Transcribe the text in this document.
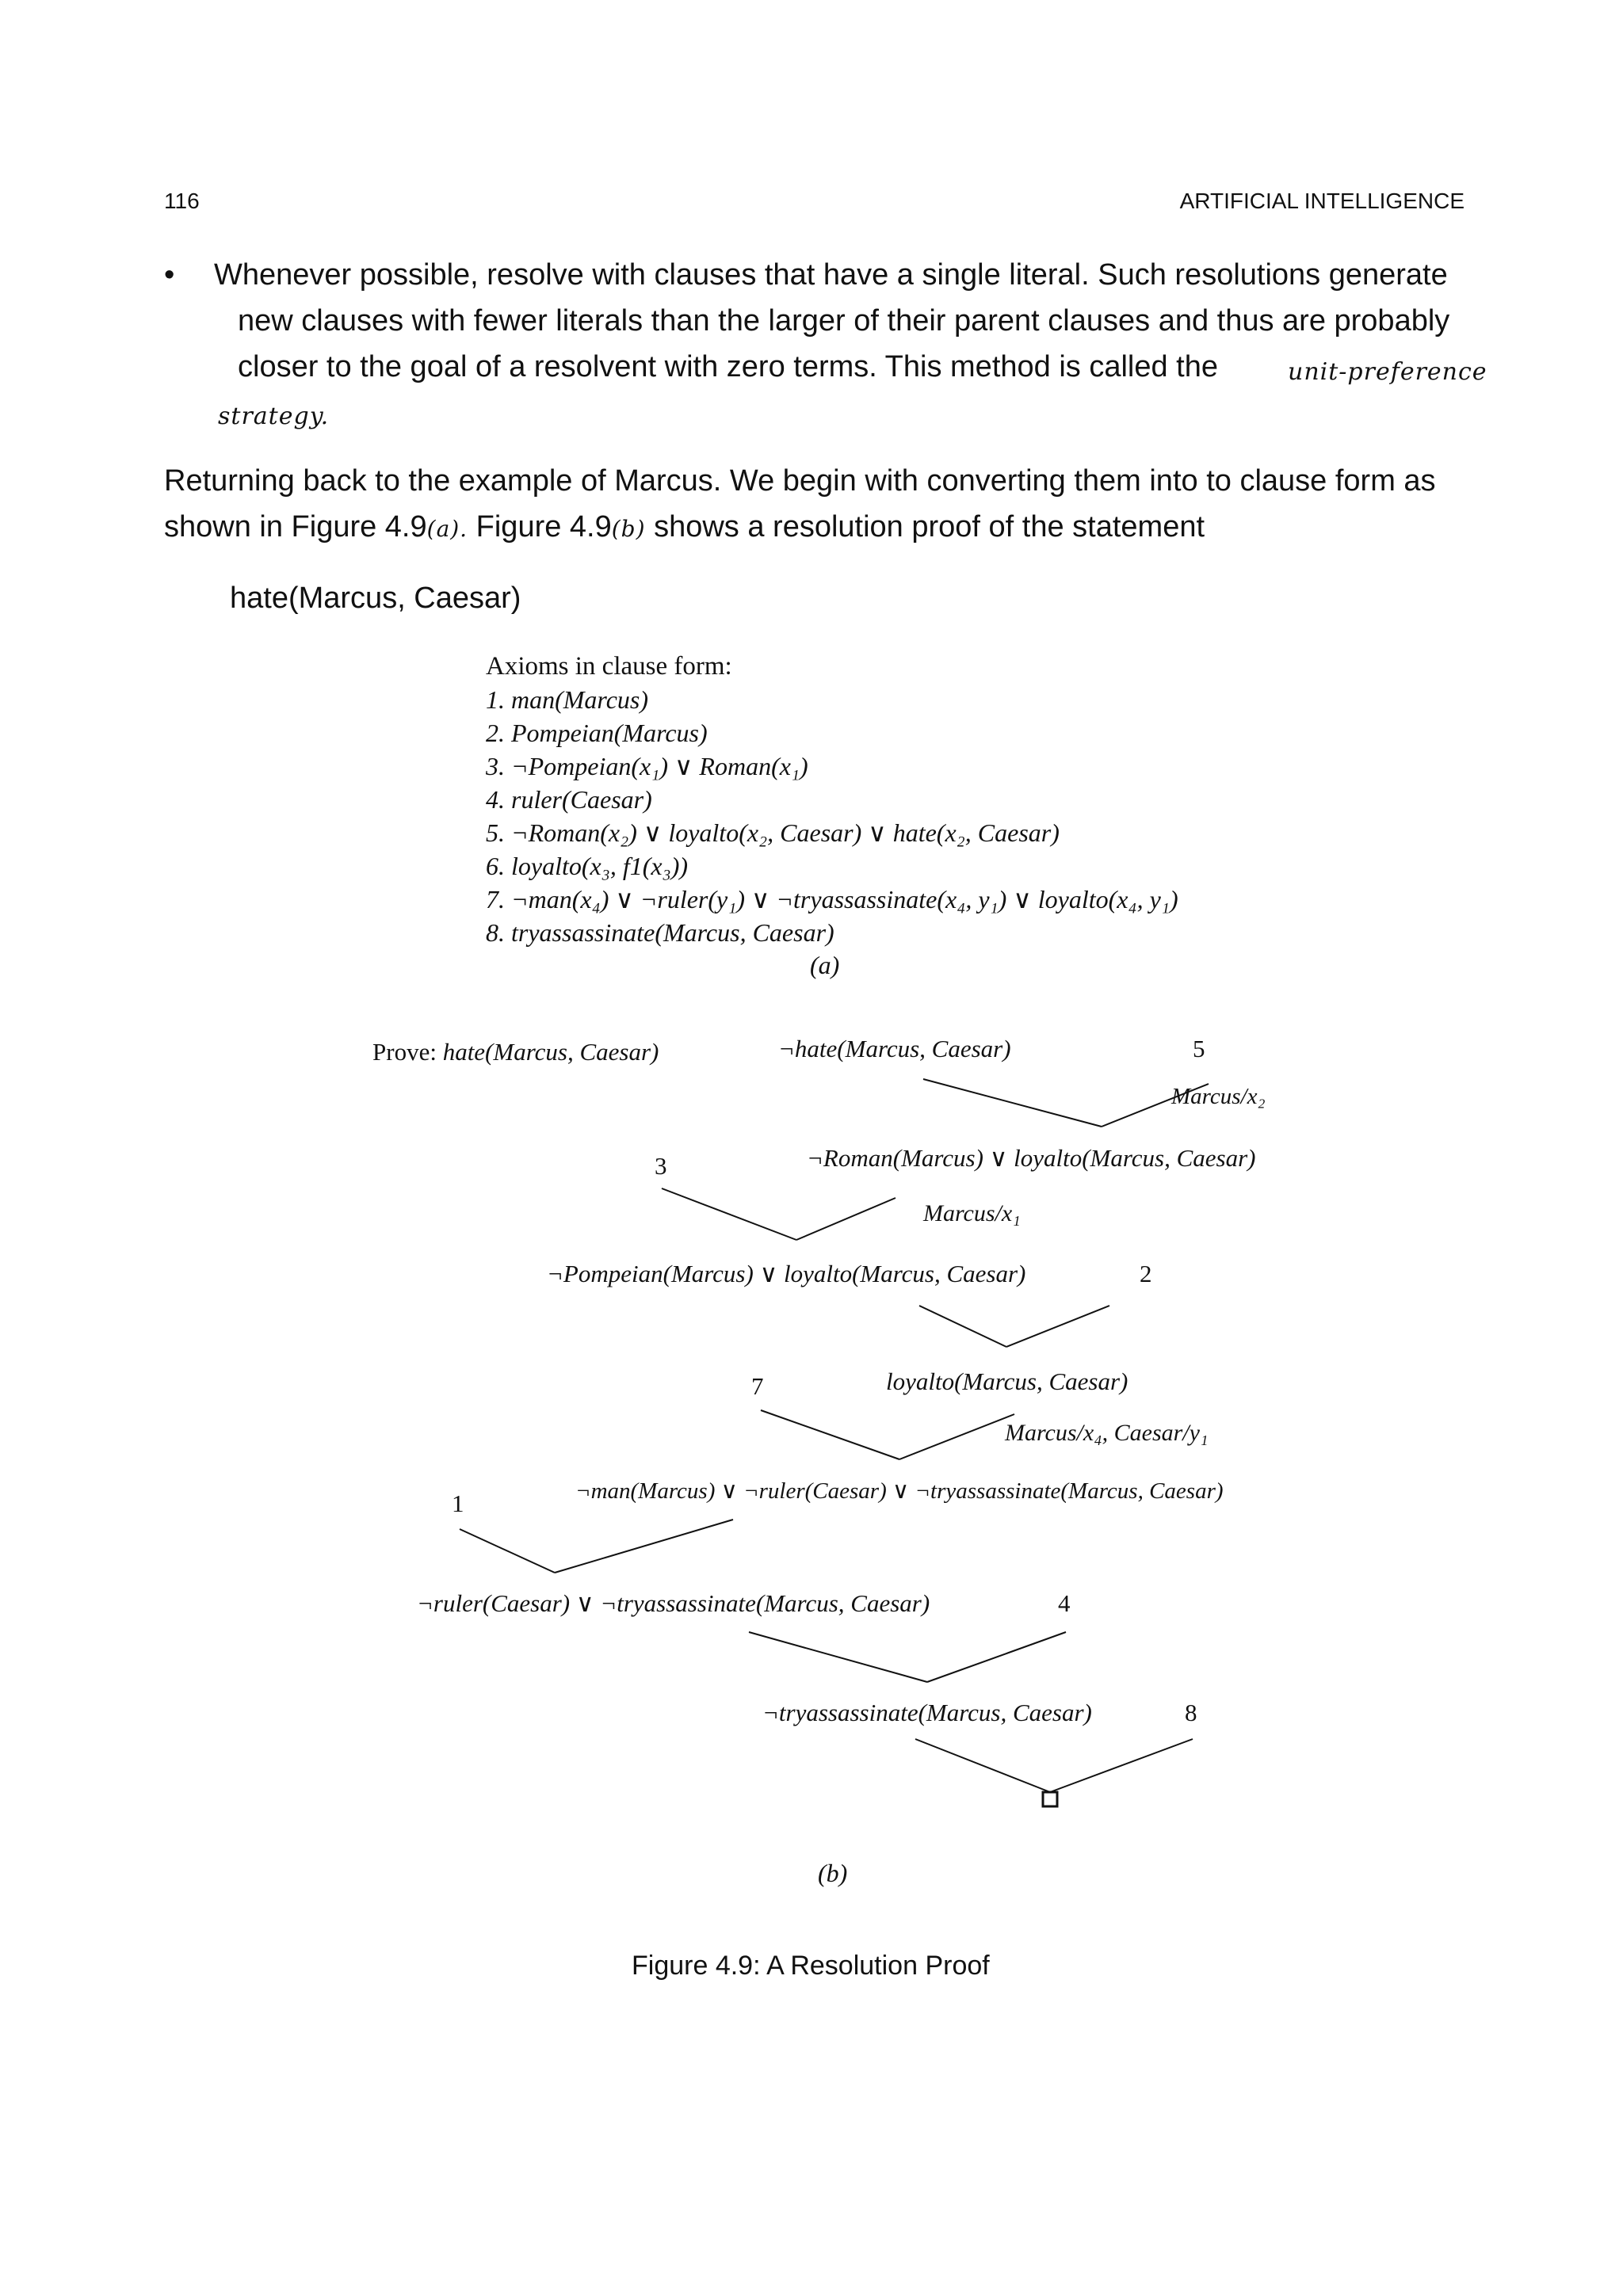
116	ARTIFICIAL INTELLIGENCE
• Whenever possible, resolve with clauses that have a single literal. Such resolutions generate
new clauses with fewer literals than the larger of their parent clauses and thus are probably
closer to the goal of a resolvent with zero terms. This method is called the	unit-preference
strategy.
Returning back to the example of Marcus. We begin with converting them into to clause form as
shown in Figure 4.9(a). Figure 4.9(b) shows a resolution proof of the statement
hate(Marcus, Caesar)
Axioms in clause form:
1. man(Marcus)
2. Pompeian(Marcus)
3. ¬Pompeian(x₁) ∨ Roman(x₁)
4. ruler(Caesar)
5. ¬Roman(x₂) ∨ loyalto(x₂, Caesar) ∨ hate(x₂, Caesar)
6. loyalto(x₃, f1(x₃))
7. ¬man(x₄) ∨ ¬ruler(y₁) ∨ ¬tryassassinate(x₄, y₁) ∨ loyalto(x₄, y₁)
8. tryassassinate(Marcus, Caesar)
(a)
Prove: hate(Marcus, Caesar)	¬hate(Marcus, Caesar)	5
Marcus/x₂
3	¬Roman(Marcus) ∨ loyalto(Marcus, Caesar)
Marcus/x₁
¬Pompeian(Marcus) ∨ loyalto(Marcus, Caesar)	2
7	loyalto(Marcus, Caesar)
Marcus/x₄, Caesar/y₁
1	¬man(Marcus) ∨ ¬ruler(Caesar) ∨ ¬tryassassinate(Marcus, Caesar)
¬ruler(Caesar) ∨ ¬tryassassinate(Marcus, Caesar)	4
¬tryassassinate(Marcus, Caesar)	8
(b)
Figure 4.9: A Resolution Proof
